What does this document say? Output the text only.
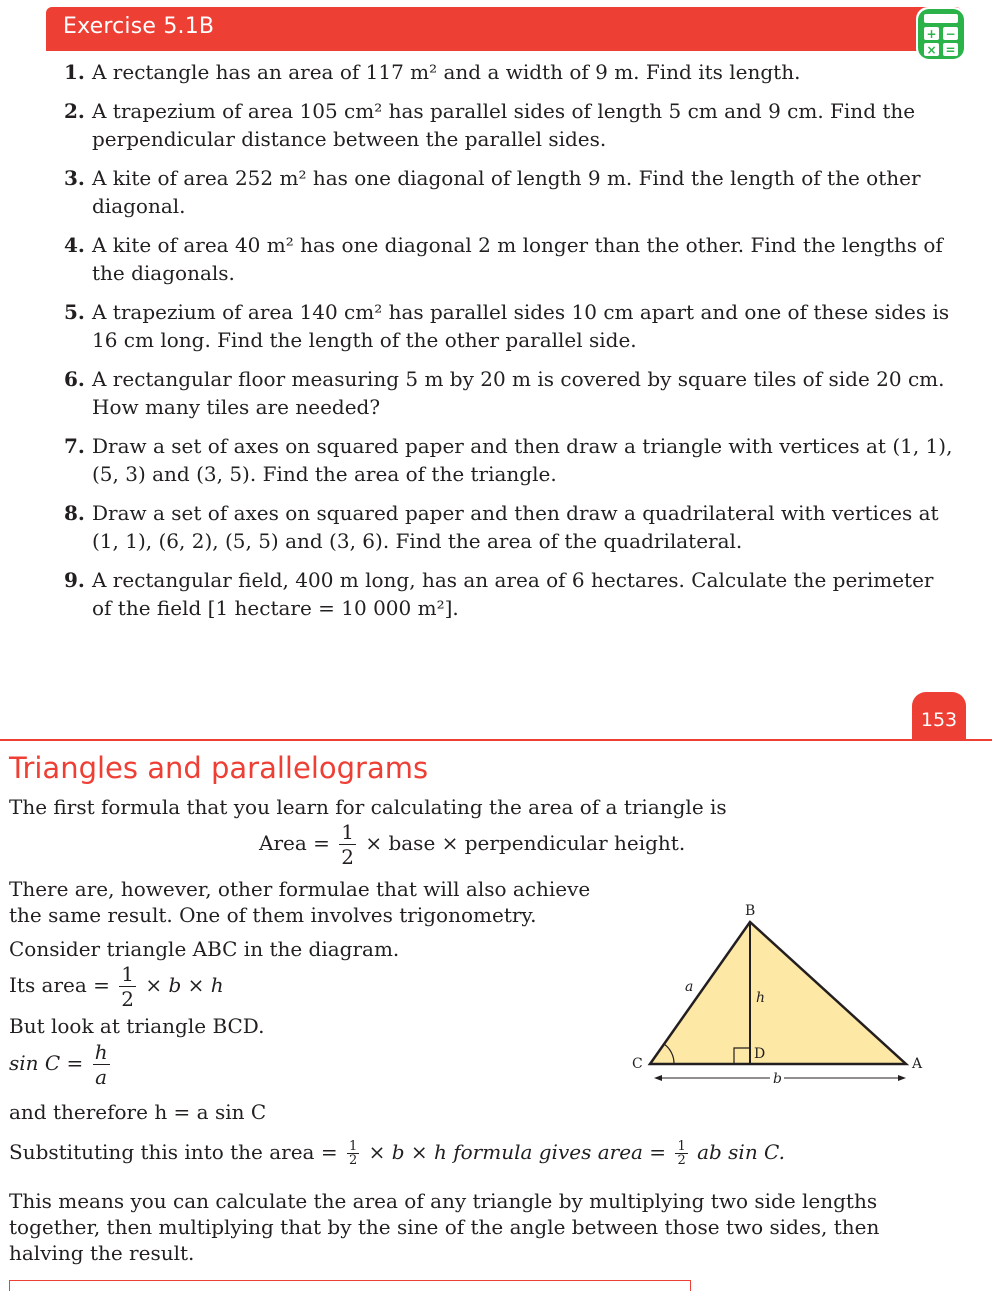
Exercise 5.1B	+ −
× =
1. A rectangle has an area of 117 m² and a width of 9 m. Find its length.
2. A trapezium of area 105 cm² has parallel sides of length 5 cm and 9 cm. Find the perpendicular distance between the parallel sides.
3. A kite of area 252 m² has one diagonal of length 9 m. Find the length of the other diagonal.
4. A kite of area 40 m² has one diagonal 2 m longer than the other. Find the lengths of the diagonals.
5. A trapezium of area 140 cm² has parallel sides 10 cm apart and one of these sides is 16 cm long. Find the length of the other parallel side.
6. A rectangular floor measuring 5 m by 20 m is covered by square tiles of side 20 cm. How many tiles are needed?
7. Draw a set of axes on squared paper and then draw a triangle with vertices at (1, 1), (5, 3) and (3, 5). Find the area of the triangle.
8. Draw a set of axes on squared paper and then draw a quadrilateral with vertices at (1, 1), (6, 2), (5, 5) and (3, 6). Find the area of the quadrilateral.
9. A rectangular field, 400 m long, has an area of 6 hectares. Calculate the perimeter of the field [1 hectare = 10 000 m²].
153
Triangles and parallelograms
The first formula that you learn for calculating the area of a triangle is
Area = $\frac{1}{2}$ × base × perpendicular height.
There are, however, other formulae that will also achieve
the same result. One of them involves trigonometry.
Consider triangle ABC in the diagram.
Its area = $\frac{1}{2} \times b \times h$
But look at triangle BCD.
$\sin C = \frac{h}{a}$
and therefore h = a sin C
Substituting this into the area = $\frac{1}{2} \times b \times h$ formula gives area = $\frac{1}{2}$ ab sin C.
This means you can calculate the area of any triangle by multiplying two side lengths together, then multiplying that by the sine of the angle between those two sides, then halving the result.
B
C	A
D
a
h
b
